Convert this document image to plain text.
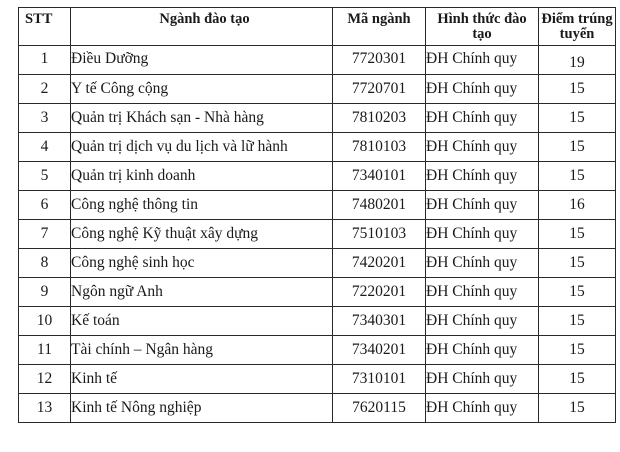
STT	Ngành đào tạo	Mã ngành	Hình thức đào tạo	Điểm trúng tuyển
1	Điều Dưỡng	7720301	ĐH Chính quy	19
2	Y tế Công cộng	7720701	ĐH Chính quy	15
3	Quản trị Khách sạn - Nhà hàng	7810203	ĐH Chính quy	15
4	Quản trị dịch vụ du lịch và lữ hành	7810103	ĐH Chính quy	15
5	Quản trị kinh doanh	7340101	ĐH Chính quy	15
6	Công nghệ thông tin	7480201	ĐH Chính quy	16
7	Công nghệ Kỹ thuật xây dựng	7510103	ĐH Chính quy	15
8	Công nghệ sinh học	7420201	ĐH Chính quy	15
9	Ngôn ngữ Anh	7220201	ĐH Chính quy	15
10	Kế toán	7340301	ĐH Chính quy	15
11	Tài chính – Ngân hàng	7340201	ĐH Chính quy	15
12	Kinh tế	7310101	ĐH Chính quy	15
13	Kinh tế Nông nghiệp	7620115	ĐH Chính quy	15
